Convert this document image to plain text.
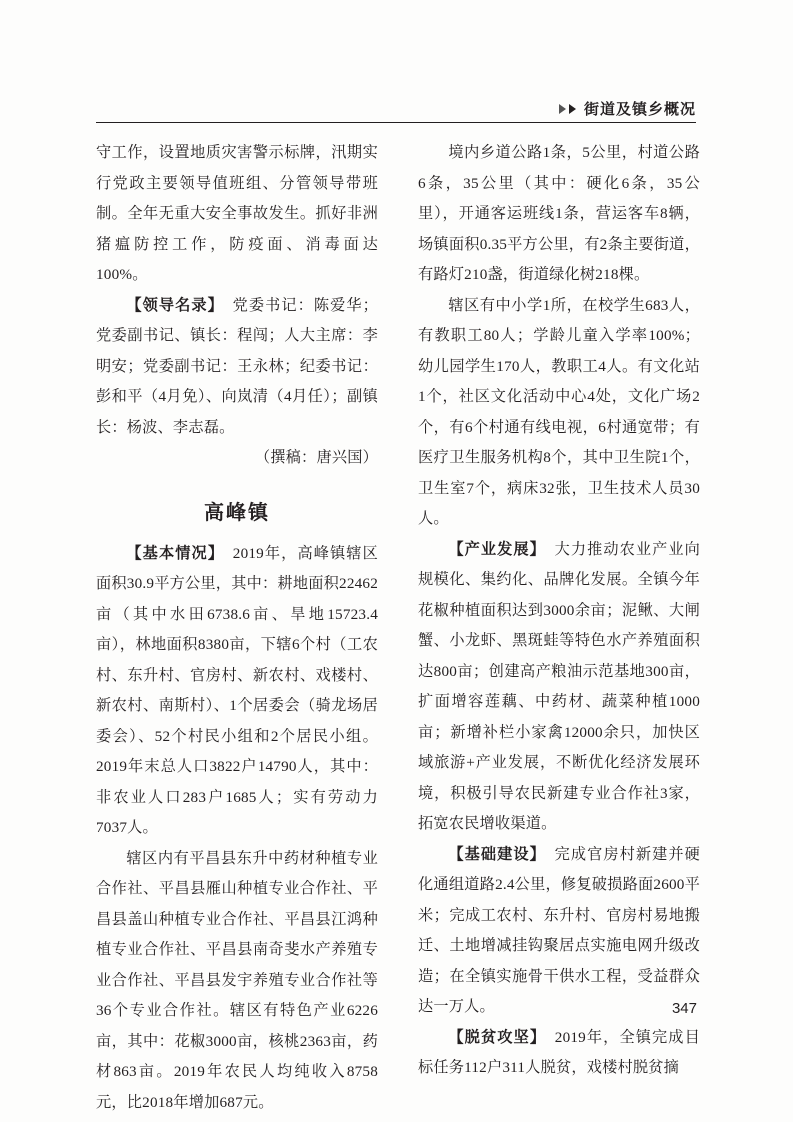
街道及镇乡概况

守工作，设置地质灾害警示标牌，汛期实行党政主要领导值班组、分管领导带班制。全年无重大安全事故发生。抓好非洲猪瘟防控工作，防疫面、消毒面达100%。

【领导名录】　党委书记：陈爱华；党委副书记、镇长：程闯；人大主席：李明安；党委副书记：王永林；纪委书记：彭和平（4月免）、向岚清（4月任）；副镇长：杨波、李志磊。

（撰稿：唐兴国）

高峰镇

【基本情况】　2019年，高峰镇辖区面积30.9平方公里，其中：耕地面积22462亩（其中水田6738.6亩、旱地15723.4亩），林地面积8380亩，下辖6个村（工农村、东升村、官房村、新农村、戏楼村、新农村、南斯村）、1个居委会（骑龙场居委会）、52个村民小组和2个居民小组。2019年末总人口3822户14790人，其中：非农业人口283户1685人；实有劳动力7037人。

辖区内有平昌县东升中药材种植专业合作社、平昌县雁山种植专业合作社、平昌县盖山种植专业合作社、平昌县江鸿种植专业合作社、平昌县南奇斐水产养殖专业合作社、平昌县发宇养殖专业合作社等36个专业合作社。辖区有特色产业6226亩，其中：花椒3000亩，核桃2363亩，药材863亩。2019年农民人均纯收入8758元，比2018年增加687元。

境内乡道公路1条，5公里，村道公路6条，35公里（其中：硬化6条，35公里），开通客运班线1条，营运客车8辆，场镇面积0.35平方公里，有2条主要街道，有路灯210盏，街道绿化树218棵。

辖区有中小学1所，在校学生683人，有教职工80人；学龄儿童入学率100%；幼儿园学生170人，教职工4人。有文化站1个，社区文化活动中心4处，文化广场2个，有6个村通有线电视，6村通宽带；有医疗卫生服务机构8个，其中卫生院1个，卫生室7个，病床32张，卫生技术人员30人。

【产业发展】　大力推动农业产业向规模化、集约化、品牌化发展。全镇今年花椒种植面积达到3000余亩；泥鳅、大闸蟹、小龙虾、黑斑蛙等特色水产养殖面积达800亩；创建高产粮油示范基地300亩，扩面增容莲藕、中药材、蔬菜种植1000亩；新增补栏小家禽12000余只，加快区域旅游+产业发展，不断优化经济发展环境，积极引导农民新建专业合作社3家，拓宽农民增收渠道。

【基础建设】　完成官房村新建并硬化通组道路2.4公里，修复破损路面2600平米；完成工农村、东升村、官房村易地搬迁、土地增减挂钩聚居点实施电网升级改造；在全镇实施骨干供水工程，受益群众达一万人。

【脱贫攻坚】　2019年，全镇完成目标任务112户311人脱贫，戏楼村脱贫摘

347
